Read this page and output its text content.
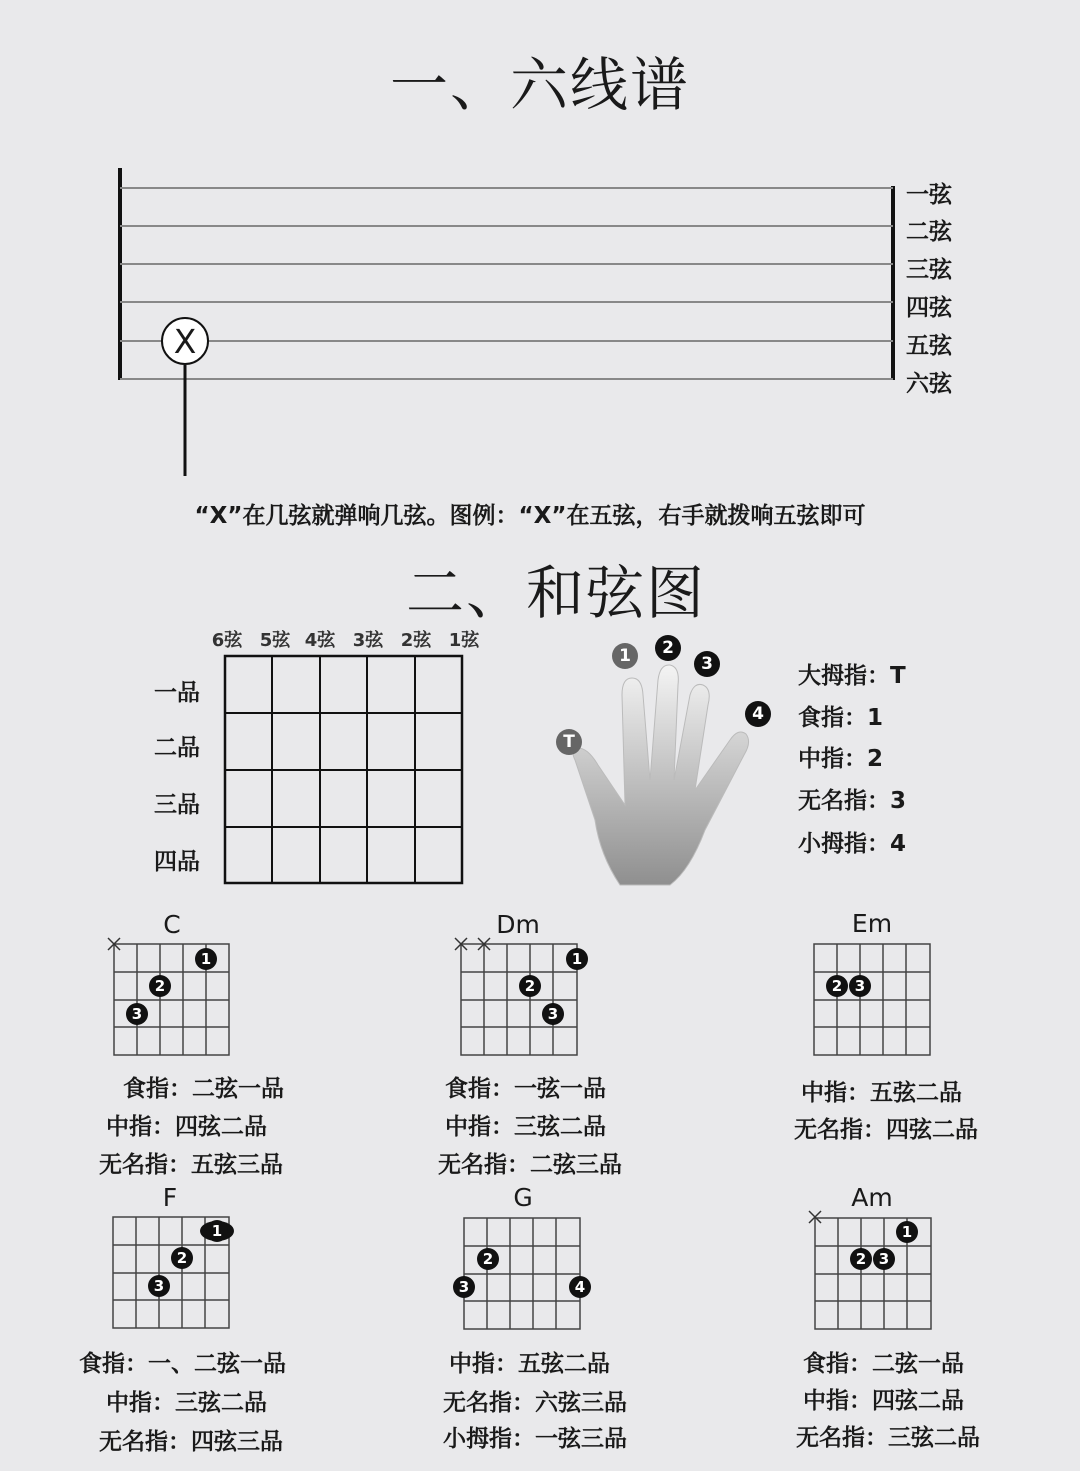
一、六线谱
X
一弦
二弦
三弦
四弦
五弦
六弦
“X”在几弦就弹响几弦。图例：“X”在五弦，右手就拨响五弦即可
二、和弦图
6弦 5弦 4弦 3弦 2弦 1弦
一品
二品
三品
四品
1	2
3
4
T
大拇指：T
食指：1
中指：2
无名指：3
小拇指：4
C
1
2
3
食指：二弦一品
中指：四弦二品
无名指：五弦三品
Dm
1
2
3
食指：一弦一品
中指：三弦二品
无名指：二弦三品
Em
2 3
中指：五弦二品
无名指：四弦二品
F
1
2
3
食指：一、二弦一品
中指：三弦二品
无名指：四弦三品
G
2
3	4
中指：五弦二品
无名指：六弦三品
小拇指：一弦三品
Am
1
2 3
食指：二弦一品
中指：四弦二品
无名指：三弦二品
